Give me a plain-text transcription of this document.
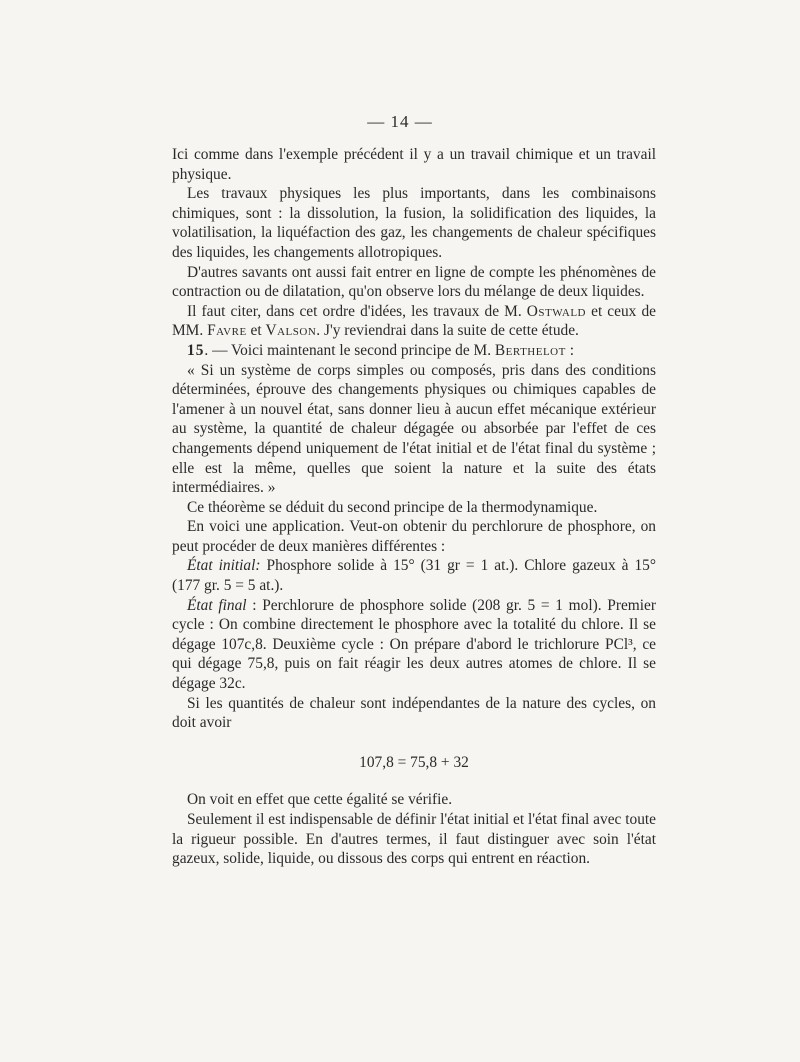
— 14 —

Ici comme dans l'exemple précédent il y a un travail chimique et un travail physique.

Les travaux physiques les plus importants, dans les combinaisons chimiques, sont : la dissolution, la fusion, la solidification des liquides, la volatilisation, la liquéfaction des gaz, les changements de chaleur spécifiques des liquides, les changements allotropiques.

D'autres savants ont aussi fait entrer en ligne de compte les phénomènes de contraction ou de dilatation, qu'on observe lors du mélange de deux liquides.

Il faut citer, dans cet ordre d'idées, les travaux de M. Ostwald et ceux de MM. Favre et Valson. J'y reviendrai dans la suite de cette étude.

15. — Voici maintenant le second principe de M. Berthelot :

« Si un système de corps simples ou composés, pris dans des conditions déterminées, éprouve des changements physiques ou chimiques capables de l'amener à un nouvel état, sans donner lieu à aucun effet mécanique extérieur au système, la quantité de chaleur dégagée ou absorbée par l'effet de ces changements dépend uniquement de l'état initial et de l'état final du système ; elle est la même, quelles que soient la nature et la suite des états intermédiaires. »

Ce théorème se déduit du second principe de la thermodynamique.

En voici une application. Veut-on obtenir du perchlorure de phosphore, on peut procéder de deux manières différentes :

État initial: Phosphore solide à 15° (31 gr = 1 at.). Chlore gazeux à 15° (177 gr. 5 = 5 at.).

État final : Perchlorure de phosphore solide (208 gr. 5 = 1 mol). Premier cycle : On combine directement le phosphore avec la totalité du chlore. Il se dégage 107c,8. Deuxième cycle : On prépare d'abord le trichlorure PCl³, ce qui dégage 75,8, puis on fait réagir les deux autres atomes de chlore. Il se dégage 32c.

Si les quantités de chaleur sont indépendantes de la nature des cycles, on doit avoir

107,8 = 75,8 + 32

On voit en effet que cette égalité se vérifie.

Seulement il est indispensable de définir l'état initial et l'état final avec toute la rigueur possible. En d'autres termes, il faut distinguer avec soin l'état gazeux, solide, liquide, ou dissous des corps qui entrent en réaction.
